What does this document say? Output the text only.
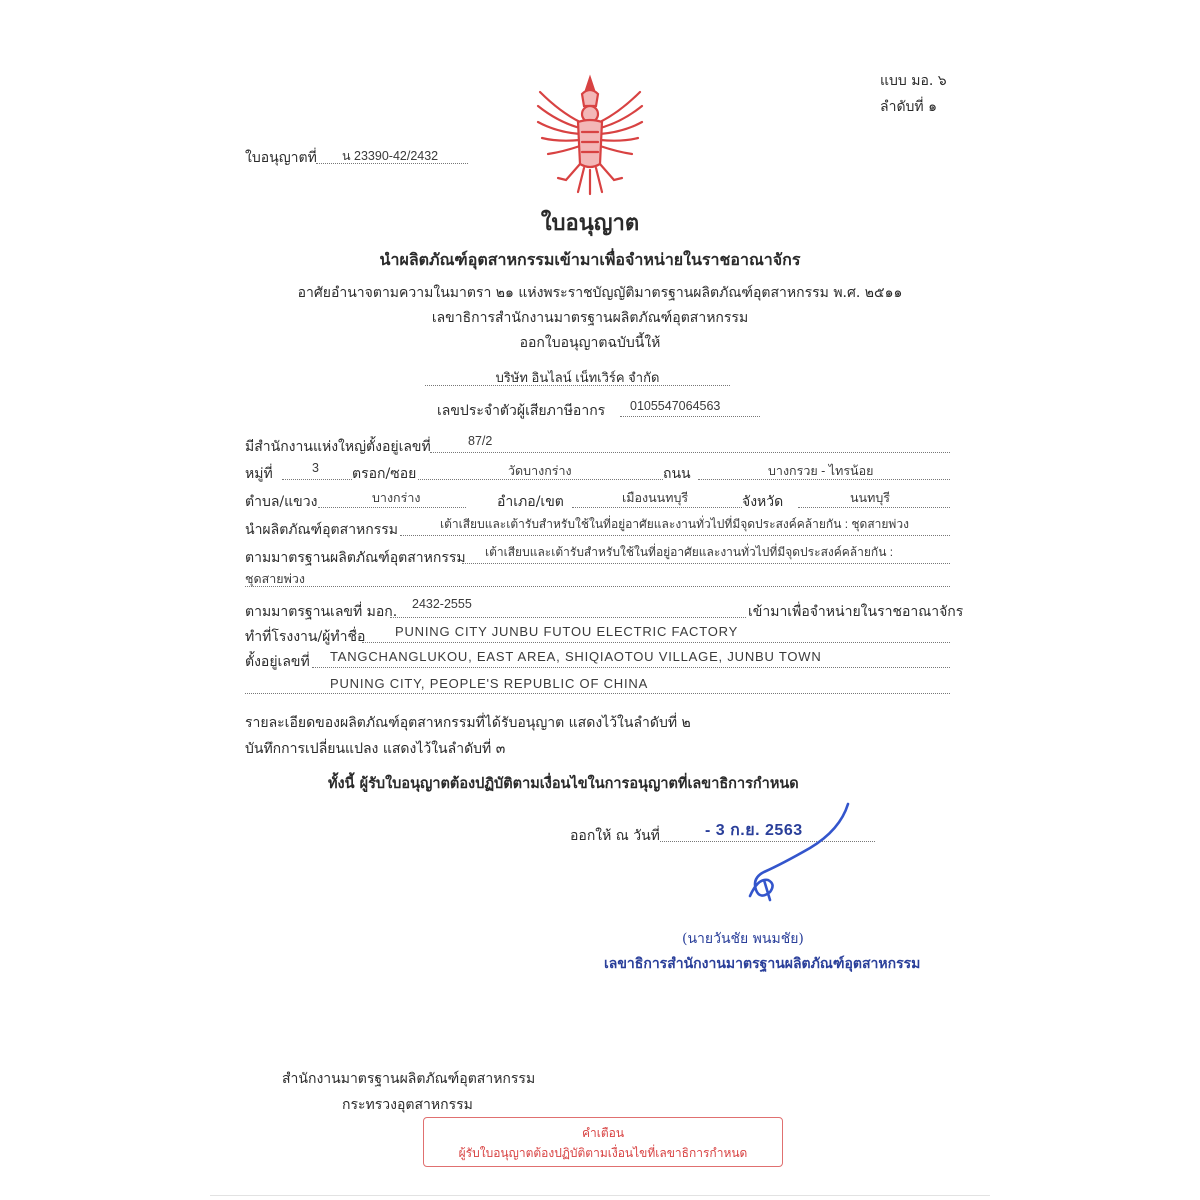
แบบ มอ. ๖
ลำดับที่ ๑
ใบอนุญาตที่ น 23390-42/2432
ใบอนุญาต
นำผลิตภัณฑ์อุตสาหกรรมเข้ามาเพื่อจำหน่ายในราชอาณาจักร
อาศัยอำนาจตามความในมาตรา ๒๑ แห่งพระราชบัญญัติมาตรฐานผลิตภัณฑ์อุตสาหกรรม พ.ศ. ๒๕๑๑
เลขาธิการสำนักงานมาตรฐานผลิตภัณฑ์อุตสาหกรรม
ออกใบอนุญาตฉบับนี้ให้
บริษัท อินไลน์ เน็ทเวิร์ค จำกัด
เลขประจำตัวผู้เสียภาษีอากร 0105547064563
มีสำนักงานแห่งใหญ่ตั้งอยู่เลขที่	87/2
หมู่ที่	3 ตรอก/ซอย	วัดบางกร่าง	ถนน	บางกรวย - ไทรน้อย
ตำบล/แขวง	บางกร่าง	อำเภอ/เขต	เมืองนนทบุรี	จังหวัด	นนทบุรี
นำผลิตภัณฑ์อุตสาหกรรม	เต้าเสียบและเต้ารับสำหรับใช้ในที่อยู่อาศัยและงานทั่วไปที่มีจุดประสงค์คล้ายกัน : ชุดสายพ่วง
ตามมาตรฐานผลิตภัณฑ์อุตสาหกรรม เต้าเสียบและเต้ารับสำหรับใช้ในที่อยู่อาศัยและงานทั่วไปที่มีจุดประสงค์คล้ายกัน :
ชุดสายพ่วง
ตามมาตรฐานเลขที่ มอก. 2432-2555	เข้ามาเพื่อจำหน่ายในราชอาณาจักร
ทำที่โรงงาน/ผู้ทำชื่อ PUNING CITY JUNBU FUTOU ELECTRIC FACTORY
ตั้งอยู่เลขที่ TANGCHANGLUKOU, EAST AREA, SHIQIAOTOU VILLAGE, JUNBU TOWN
PUNING CITY, PEOPLE'S REPUBLIC OF CHINA
รายละเอียดของผลิตภัณฑ์อุตสาหกรรมที่ได้รับอนุญาต แสดงไว้ในลำดับที่ ๒
บันทึกการเปลี่ยนแปลง แสดงไว้ในลำดับที่ ๓
ทั้งนี้ ผู้รับใบอนุญาตต้องปฏิบัติตามเงื่อนไขในการอนุญาตที่เลขาธิการกำหนด
ออกให้ ณ วันที่	- 3 ก.ย. 2563
(นายวันชัย พนมชัย)
เลขาธิการสำนักงานมาตรฐานผลิตภัณฑ์อุตสาหกรรม
สำนักงานมาตรฐานผลิตภัณฑ์อุตสาหกรรม
กระทรวงอุตสาหกรรม
คำเตือน
ผู้รับใบอนุญาตต้องปฏิบัติตามเงื่อนไขที่เลขาธิการกำหนด
